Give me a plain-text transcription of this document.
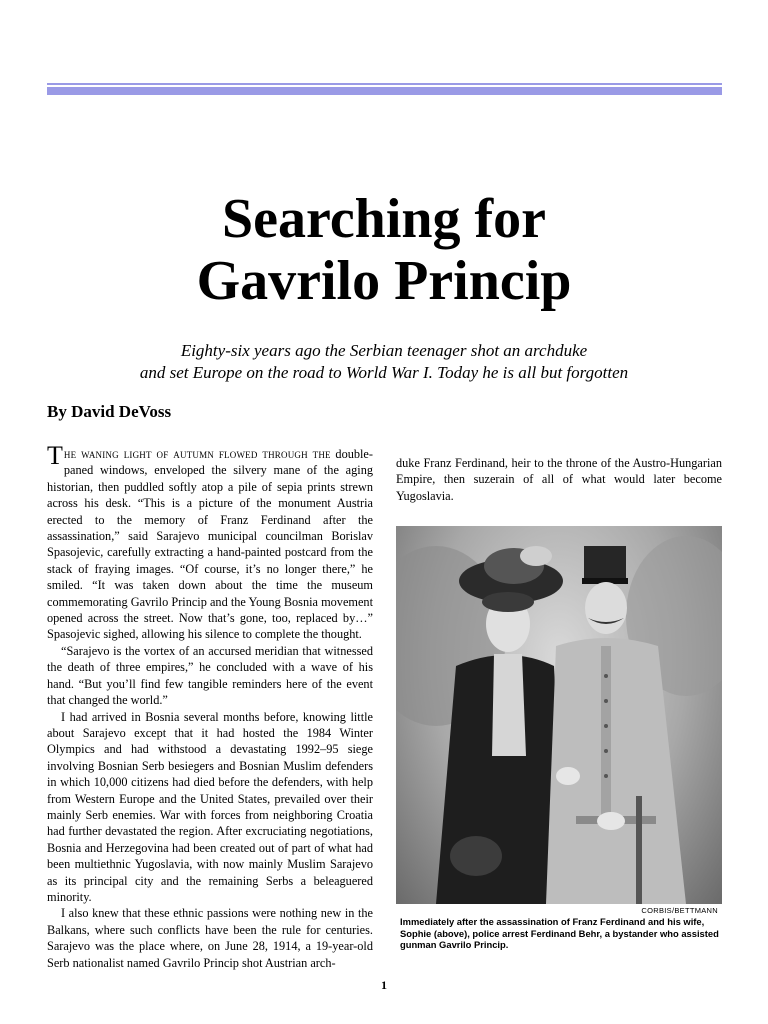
Searching for
Gavrilo Princip
Eighty-six years ago the Serbian teenager shot an archduke
and set Europe on the road to World War I. Today he is all but forgotten
By David DeVoss

The waning light of autumn flowed through the double-paned windows, enveloped the silvery mane of the aging historian, then puddled softly atop a pile of sepia prints strewn across his desk. “This is a picture of the monument Austria erected to the memory of Franz Ferdinand after the assassination,” said Sarajevo municipal councilman Borislav Spasojevic, carefully extracting a hand-painted postcard from the stack of fraying images. “Of course, it’s no longer there,” he smiled. “It was taken down about the time the museum commemorating Gavrilo Princip and the Young Bosnia movement opened across the street. Now that’s gone, too, replaced by…” Spasojevic sighed, allowing his silence to complete the thought.

“Sarajevo is the vortex of an accursed meridian that witnessed the death of three empires,” he concluded with a wave of his hand. “But you’ll find few tangible reminders here of the event that changed the world.”

I had arrived in Bosnia several months before, knowing little about Sarajevo except that it had hosted the 1984 Winter Olympics and had withstood a devastating 1992–95 siege involving Bosnian Serb besiegers and Bosnian Muslim defenders in which 10,000 citizens had died before the defenders, with help from Western Europe and the United States, prevailed over their mainly Serb enemies. War with forces from neighboring Croatia had further devastated the region. After excruciating negotiations, Bosnia and Herzegovina had been created out of part of what had been multiethnic Yugoslavia, with now mainly Muslim Sarajevo as its principal city and the remaining Serbs a beleaguered minority.

I also knew that these ethnic passions were nothing new in the Balkans, where such conflicts have been the rule for centuries. Sarajevo was the place where, on June 28, 1914, a 19-year-old Serb nationalist named Gavrilo Princip shot Austrian arch-

duke Franz Ferdinand, heir to the throne of the Austro-Hungarian Empire, then suzerain of all of what would later become Yugoslavia.

CORBIS/BETTMANN
Immediately after the assassination of Franz Ferdinand and his wife, Sophie (above), police arrest Ferdinand Behr, a bystander who assisted gunman Gavrilo Princip.
1
